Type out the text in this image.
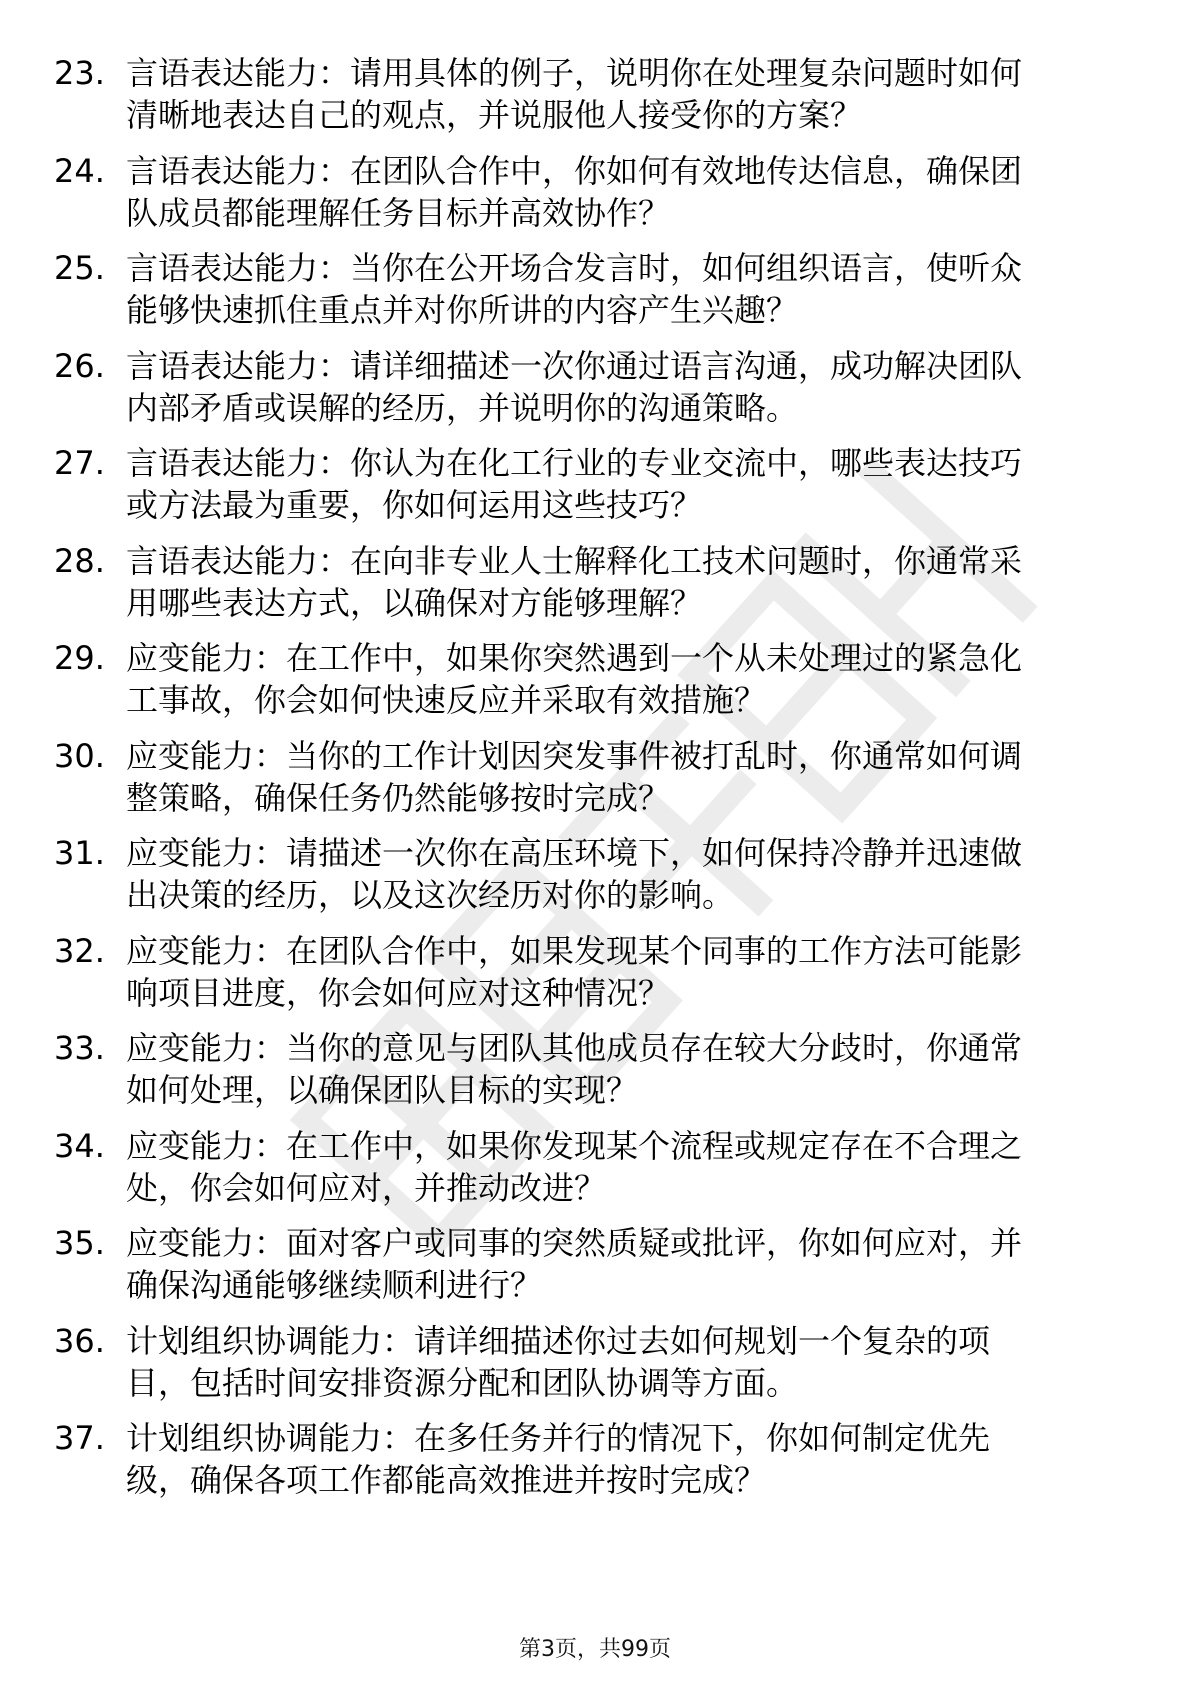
23. 言语表达能力：请用具体的例子，说明你在处理复杂问题时如何
清晰地表达自己的观点，并说服他人接受你的方案？
24. 言语表达能力：在团队合作中，你如何有效地传达信息，确保团
队成员都能理解任务目标并高效协作？
25. 言语表达能力：当你在公开场合发言时，如何组织语言，使听众
能够快速抓住重点并对你所讲的内容产生兴趣？
26. 言语表达能力：请详细描述一次你通过语言沟通，成功解决团队
内部矛盾或误解的经历，并说明你的沟通策略。
27. 言语表达能力：你认为在化工行业的专业交流中，哪些表达技巧
或方法最为重要，你如何运用这些技巧？
28. 言语表达能力：在向非专业人士解释化工技术问题时，你通常采
用哪些表达方式，以确保对方能够理解？
29. 应变能力：在工作中，如果你突然遇到一个从未处理过的紧急化
工事故，你会如何快速反应并采取有效措施？
30. 应变能力：当你的工作计划因突发事件被打乱时，你通常如何调
整策略，确保任务仍然能够按时完成？
31. 应变能力：请描述一次你在高压环境下，如何保持冷静并迅速做
出决策的经历，以及这次经历对你的影响。
32. 应变能力：在团队合作中，如果发现某个同事的工作方法可能影
响项目进度，你会如何应对这种情况？
33. 应变能力：当你的意见与团队其他成员存在较大分歧时，你通常
如何处理，以确保团队目标的实现？
34. 应变能力：在工作中，如果你发现某个流程或规定存在不合理之
处，你会如何应对，并推动改进？
35. 应变能力：面对客户或同事的突然质疑或批评，你如何应对，并
确保沟通能够继续顺利进行？
36. 计划组织协调能力：请详细描述你过去如何规划一个复杂的项
目，包括时间安排资源分配和团队协调等方面。
37. 计划组织协调能力：在多任务并行的情况下，你如何制定优先
级，确保各项工作都能高效推进并按时完成？
第3页，共99页
